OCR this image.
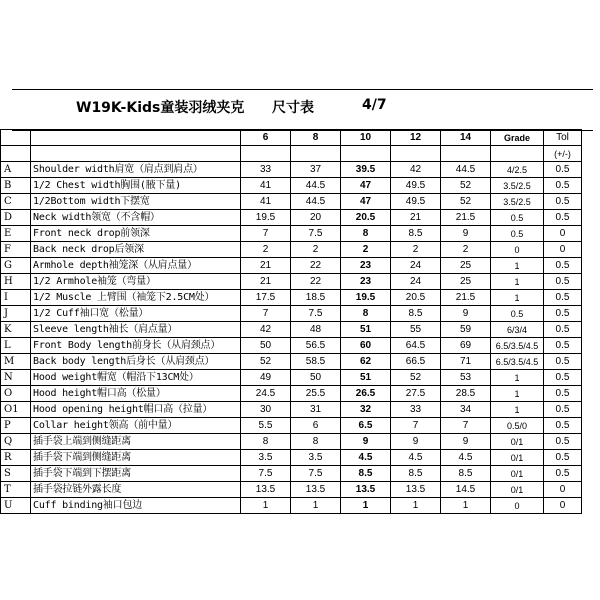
W19K-Kids童装羽绒夹克 尺寸表	4/7
		6	8	10	12	14	Grade	Tol
								(+/-)
A	Shoulder width肩宽（肩点到肩点）	33	37	39.5	42	44.5	4/2.5	0.5
B	1/2 Chest width胸围(腋下量)	41	44.5	47	49.5	52	3.5/2.5	0.5
C	1/2Bottom width下摆宽	41	44.5	47	49.5	52	3.5/2.5	0.5
D	Neck width领宽（不含帽）	19.5	20	20.5	21	21.5	0.5	0.5
E	Front neck drop前领深	7	7.5	8	8.5	9	0.5	0
F	Back neck drop后领深	2	2	2	2	2	0	0
G	Armhole depth袖笼深（从肩点量）	21	22	23	24	25	1	0.5
H	1/2 Armhole袖笼（弯量）	21	22	23	24	25	1	0.5
I	1/2 Muscle 上臂围（袖笼下2.5CM处）	17.5	18.5	19.5	20.5	21.5	1	0.5
J	1/2 Cuff袖口宽（松量）	7	7.5	8	8.5	9	0.5	0.5
K	Sleeve length袖长（肩点量）	42	48	51	55	59	6/3/4	0.5
L	Front Body length前身长（从肩颈点）	50	56.5	60	64.5	69	6.5/3.5/4.5	0.5
M	Back body length后身长（从肩颈点）	52	58.5	62	66.5	71	6.5/3.5/4.5	0.5
N	Hood weight帽宽（帽沿下13CM处）	49	50	51	52	53	1	0.5
O	Hood height帽口高（松量）	24.5	25.5	26.5	27.5	28.5	1	0.5
O1	Hood opening height帽口高（拉量）	30	31	32	33	34	1	0.5
P	Collar height领高（前中量）	5.5	6	6.5	7	7	0.5/0	0.5
Q	插手袋上端到侧缝距离	8	8	9	9	9	0/1	0.5
R	插手袋下端到侧缝距离	3.5	3.5	4.5	4.5	4.5	0/1	0.5
S	插手袋下端到下摆距离	7.5	7.5	8.5	8.5	8.5	0/1	0.5
T	插手袋拉链外露长度	13.5	13.5	13.5	13.5	14.5	0/1	0
U	Cuff binding袖口包边	1	1	1	1	1	0	0
